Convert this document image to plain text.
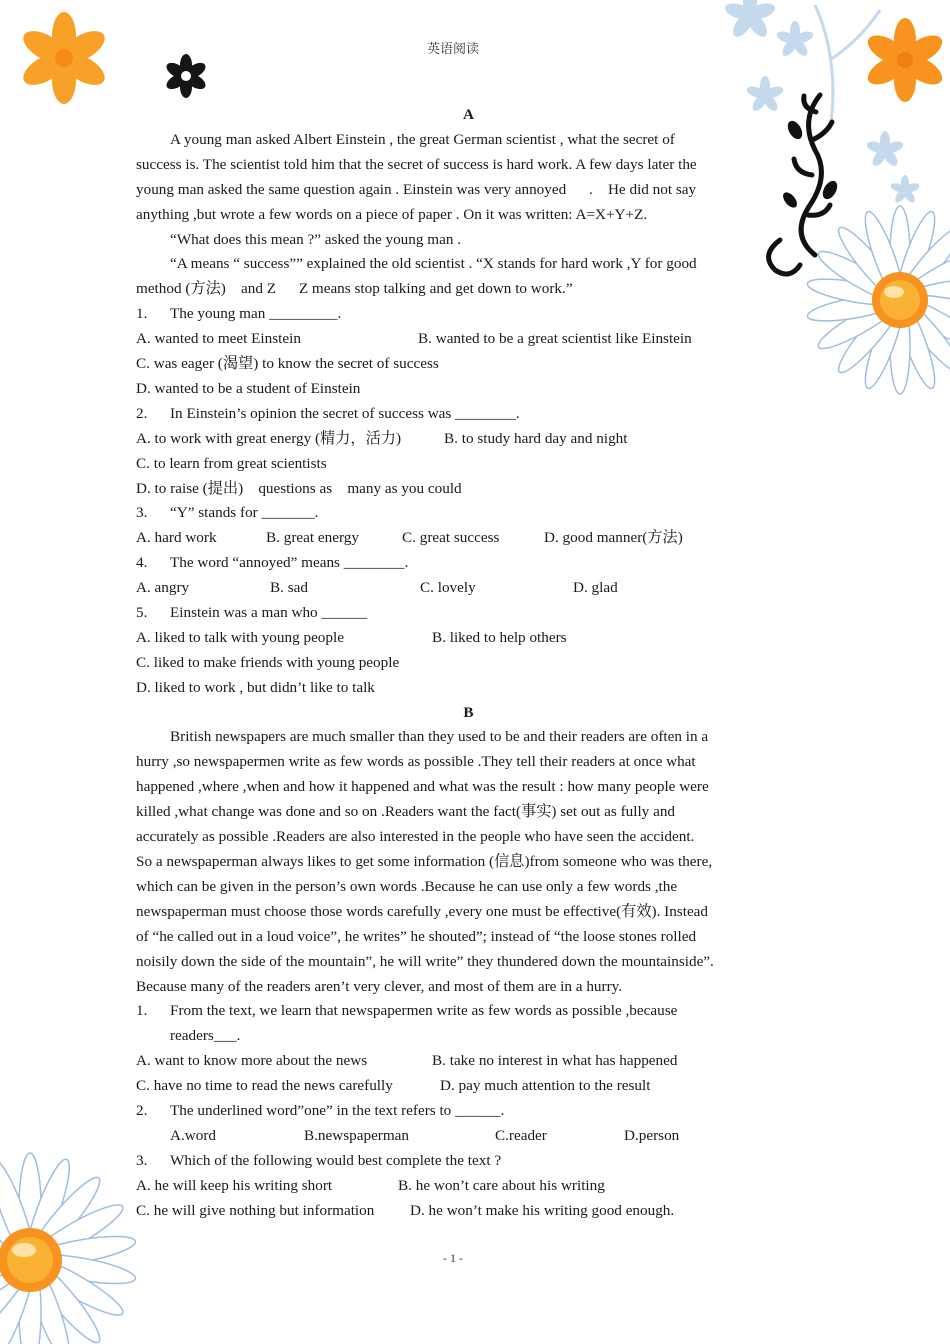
英语阅读
A

A young man asked Albert Einstein , the great German scientist , what the secret of
success is. The scientist told him that the secret of success is hard work. A few days later the
young man asked the same question again . Einstein was very annoyed      .    He did not say
anything ,but wrote a few words on a piece of paper . On it was written: A=X+Y+Z.

“What does this mean ?” asked the young man .

“A means “ success”” explained the old scientist . “X stands for hard work ,Y for good
method (方法)    and Z      Z means stop talking and get down to work.”

1. The young man _________.
A. wanted to meet Einstein	B. wanted to be a great scientist like Einstein
C. was eager (渴望) to know the secret of success
D. wanted to be a student of Einstein
2. In Einstein’s opinion the secret of success was ________.
A. to work with great energy (精力，活力)	B. to study hard day and night
C. to learn from great scientists
D. to raise (提出)    questions as    many as you could
3. “Y” stands for _______.
A. hard work	B. great energy	C. great success	D. good manner(方法)
4. The word “annoyed” means ________.
A. angry	B. sad	C. lovely	D. glad
5. Einstein was a man who ______
A. liked to talk with young people	B. liked to help others
C. liked to make friends with young people
D. liked to work , but didn’t like to talk
B

British newspapers are much smaller than they used to be and their readers are often in a
hurry ,so newspapermen write as few words as possible .They tell their readers at once what
happened ,where ,when and how it happened and what was the result : how many people were
killed ,what change was done and so on .Readers want the fact(事实) set out as fully and
accurately as possible .Readers are also interested in the people who have seen the accident.
So a newspaperman always likes to get some information (信息)from someone who was there,
which can be given in the person’s own words .Because he can use only a few words ,the
newspaperman must choose those words carefully ,every one must be effective(有效). Instead
of “he called out in a loud voice”, he writes” he shouted”; instead of “the loose stones rolled
noisily down the side of the mountain”, he will write” they thundered down the mountainside”.
Because many of the readers aren’t very clever, and most of them are in a hurry.

1. From the text, we learn that newspapermen write as few words as possible ,because
readers___.
A. want to know more about the news	B. take no interest in what has happened
C. have no time to read the news carefully	D. pay much attention to the result
2. The underlined word”one” in the text refers to ______.
A.word	B.newspaperman	C.reader	D.person
3. Which of the following would best complete the text ?
A. he will keep his writing short	B. he won’t care about his writing
C. he will give nothing but information D. he won’t make his writing good enough.
- 1 -
